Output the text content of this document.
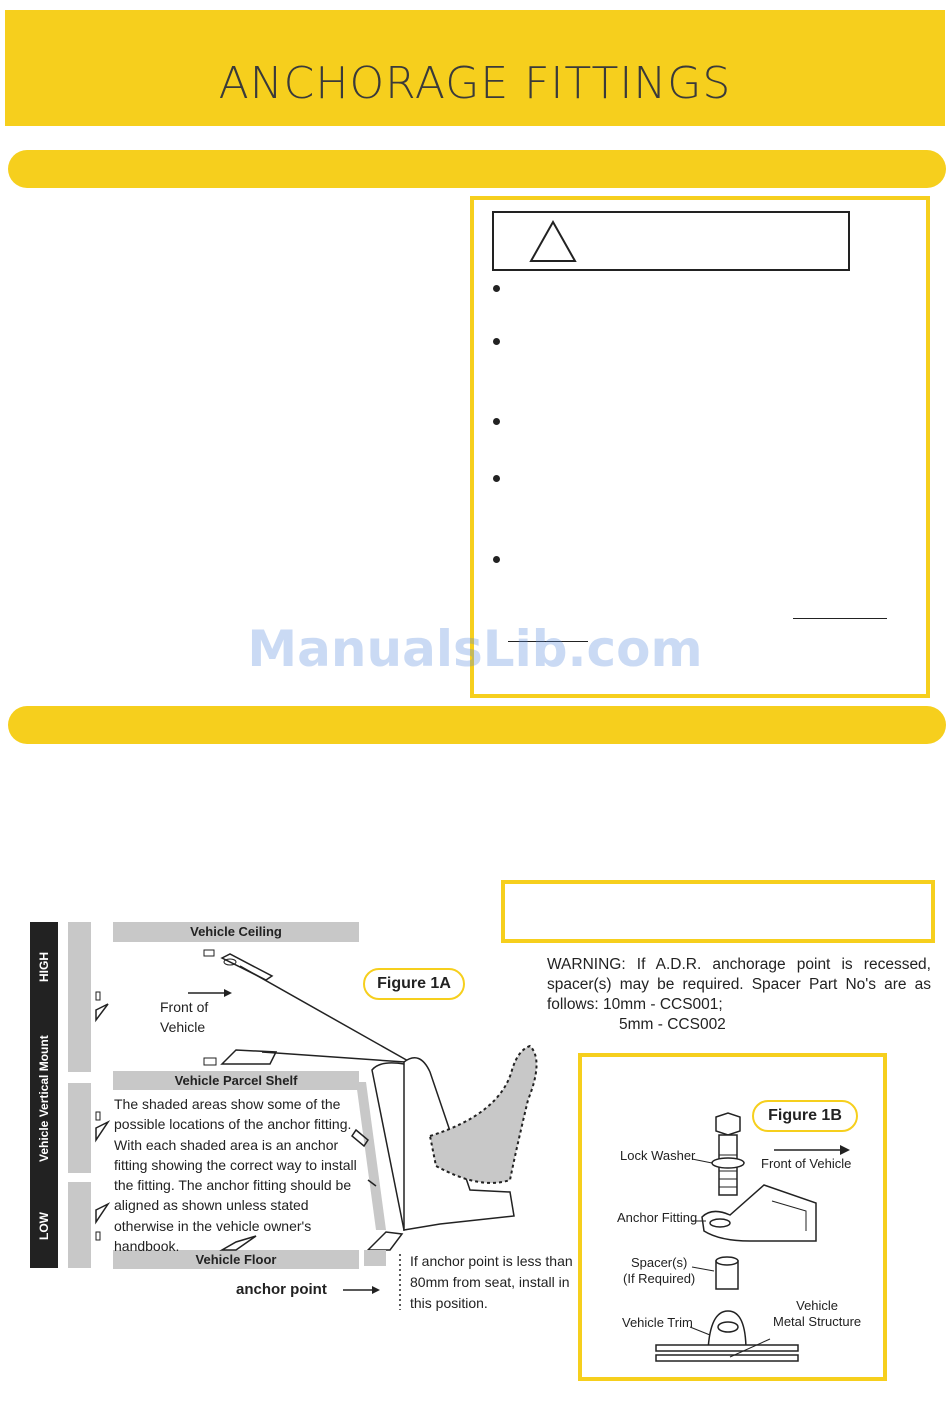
ANCHORAGE FITTINGS
ManualsLib.com
WARNING: If A.D.R. anchorage point is recessed, spacer(s) may be required. Spacer Part No's are as follows: 10mm - CCS001;
5mm - CCS002
HIGH
Vehicle Vertical Mount
LOW
Vehicle Ceiling
Vehicle Parcel Shelf
Vehicle Floor
Figure 1A
Front of
Vehicle
The shaded areas show some of the possible locations of the anchor fitting. With each shaded area is an anchor fitting showing the correct way to install the fitting. The anchor fitting should be aligned as shown unless stated otherwise in the vehicle owner's handbook.
anchor point
If anchor point is less than 80mm from seat, install in this position.
Figure 1B
Lock Washer
Front of Vehicle
Anchor Fitting
Spacer(s)
(If Required)
Vehicle Trim
Vehicle
Metal Structure
